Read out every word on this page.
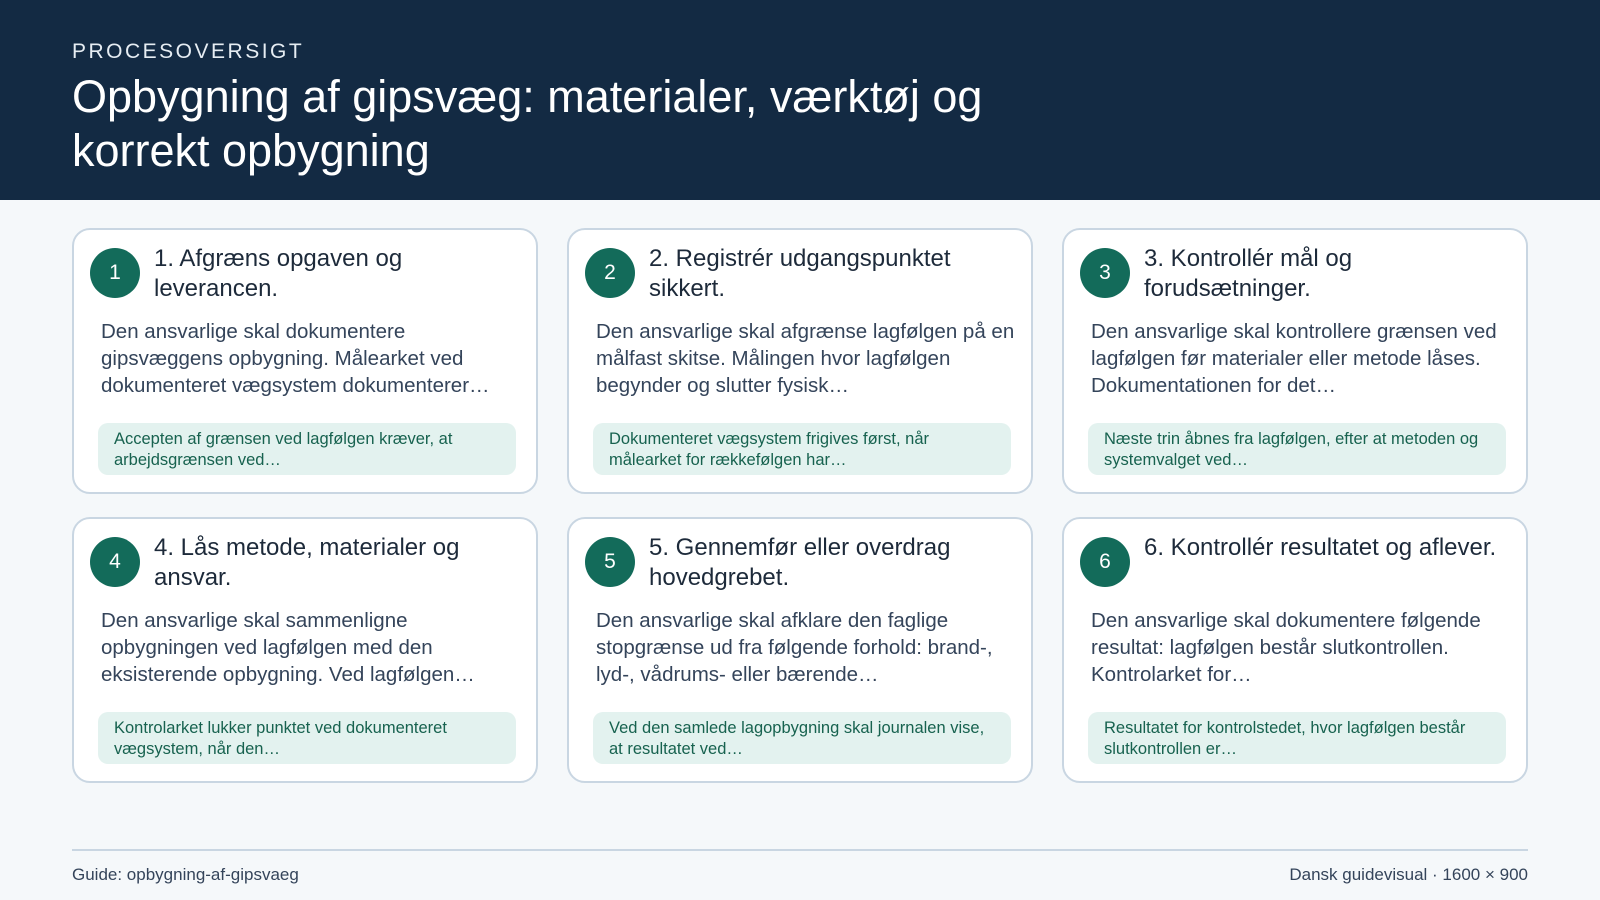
PROCESOVERSIGT
Opbygning af gipsvæg: materialer, værktøj og korrekt opbygning
1
1. Afgræns opgaven og leverancen.
Den ansvarlige skal dokumentere gipsvæggens opbygning. Målearket ved dokumenteret vægsystem dokumenterer…
Accepten af grænsen ved lagfølgen kræver, at arbejdsgrænsen ved…
2
2. Registrér udgangspunktet sikkert.
Den ansvarlige skal afgrænse lagfølgen på en målfast skitse. Målingen hvor lagfølgen begynder og slutter fysisk…
Dokumenteret vægsystem frigives først, når målearket for rækkefølgen har…
3
3. Kontrollér mål og forudsætninger.
Den ansvarlige skal kontrollere grænsen ved lagfølgen før materialer eller metode låses. Dokumentationen for det…
Næste trin åbnes fra lagfølgen, efter at metoden og systemvalget ved…
4
4. Lås metode, materialer og ansvar.
Den ansvarlige skal sammenligne opbygningen ved lagfølgen med den eksisterende opbygning. Ved lagfølgen…
Kontrolarket lukker punktet ved dokumenteret vægsystem, når den…
5
5. Gennemfør eller overdrag hovedgrebet.
Den ansvarlige skal afklare den faglige stopgrænse ud fra følgende forhold: brand-, lyd-, vådrums- eller bærende…
Ved den samlede lagopbygning skal journalen vise, at resultatet ved…
6
6. Kontrollér resultatet og aflever.
Den ansvarlige skal dokumentere følgende resultat: lagfølgen består slutkontrollen. Kontrolarket for…
Resultatet for kontrolstedet, hvor lagfølgen består slutkontrollen er…
Guide: opbygning-af-gipsvaeg	Dansk guidevisual · 1600 × 900
